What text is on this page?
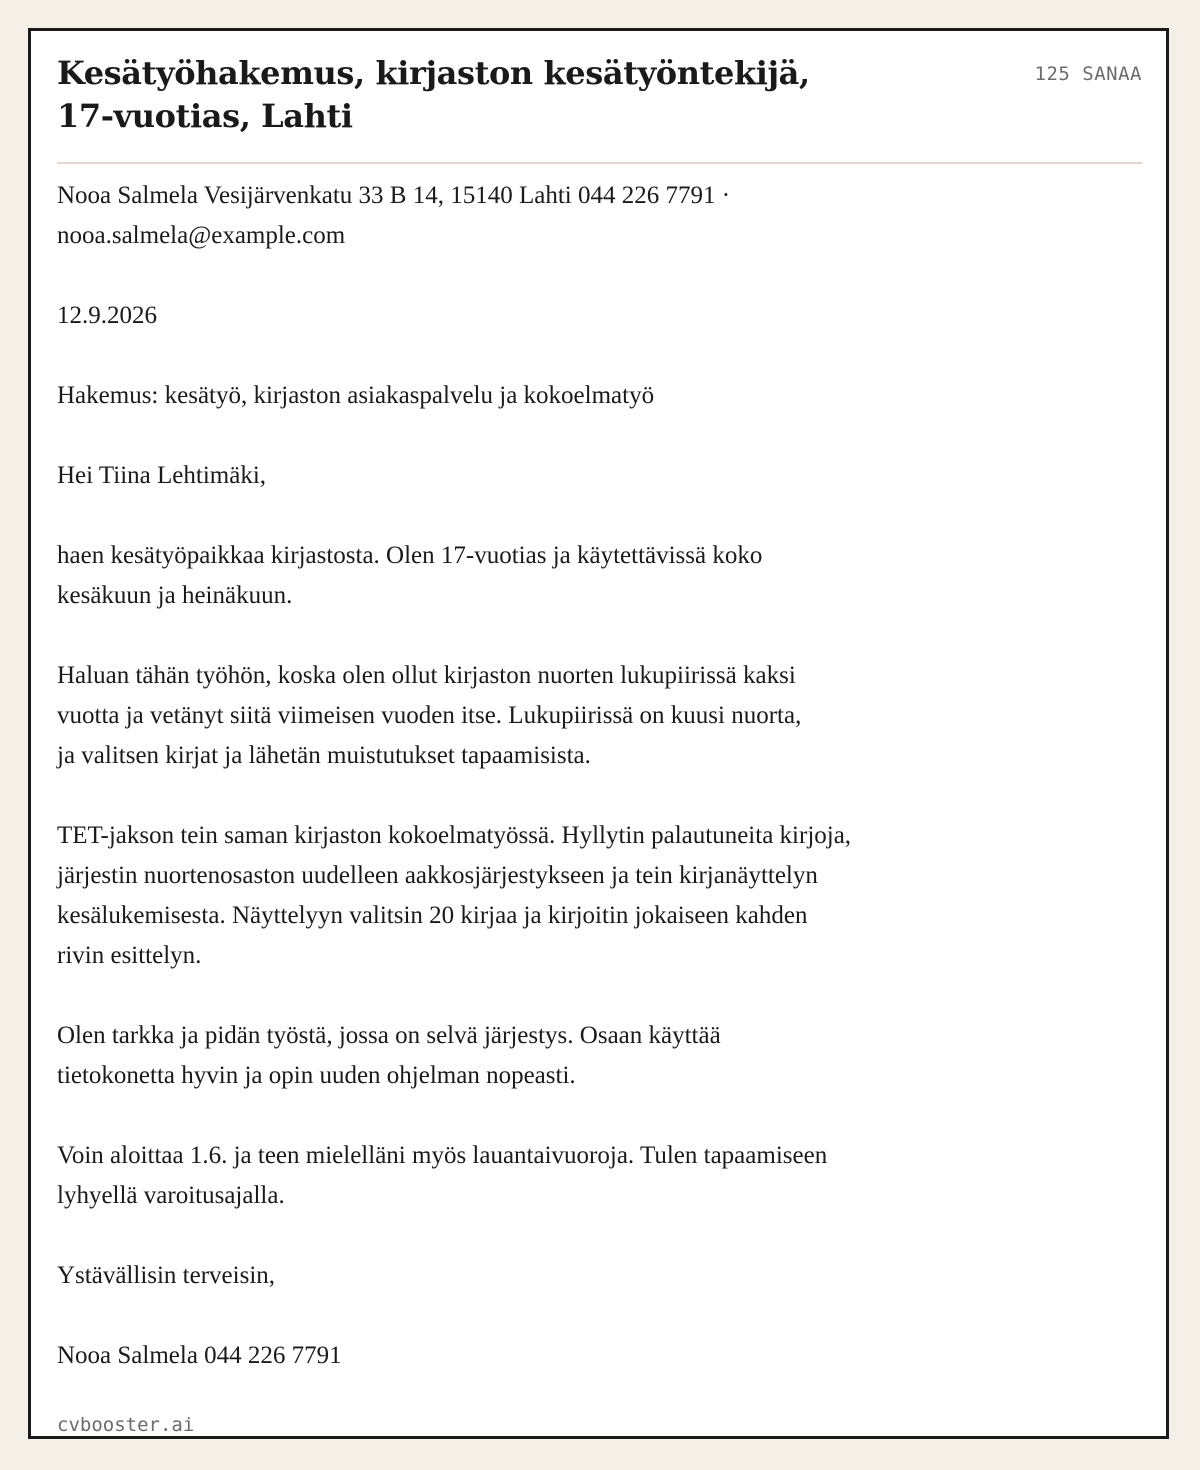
Kesätyöhakemus, kirjaston kesätyöntekijä,
17-vuotias, Lahti
125 SANAA

Nooa Salmela Vesijärvenkatu 33 B 14, 15140 Lahti 044 226 7791 ·
nooa.salmela@example.com

12.9.2026

Hakemus: kesätyö, kirjaston asiakaspalvelu ja kokoelmatyö

Hei Tiina Lehtimäki,

haen kesätyöpaikkaa kirjastosta. Olen 17-vuotias ja käytettävissä koko
kesäkuun ja heinäkuun.

Haluan tähän työhön, koska olen ollut kirjaston nuorten lukupiirissä kaksi
vuotta ja vetänyt siitä viimeisen vuoden itse. Lukupiirissä on kuusi nuorta,
ja valitsen kirjat ja lähetän muistutukset tapaamisista.

TET-jakson tein saman kirjaston kokoelmatyössä. Hyllytin palautuneita kirjoja,
järjestin nuortenosaston uudelleen aakkosjärjestykseen ja tein kirjanäyttelyn
kesälukemisesta. Näyttelyyn valitsin 20 kirjaa ja kirjoitin jokaiseen kahden
rivin esittelyn.

Olen tarkka ja pidän työstä, jossa on selvä järjestys. Osaan käyttää
tietokonetta hyvin ja opin uuden ohjelman nopeasti.

Voin aloittaa 1.6. ja teen mielelläni myös lauantaivuoroja. Tulen tapaamiseen
lyhyellä varoitusajalla.

Ystävällisin terveisin,

Nooa Salmela 044 226 7791

cvbooster.ai
